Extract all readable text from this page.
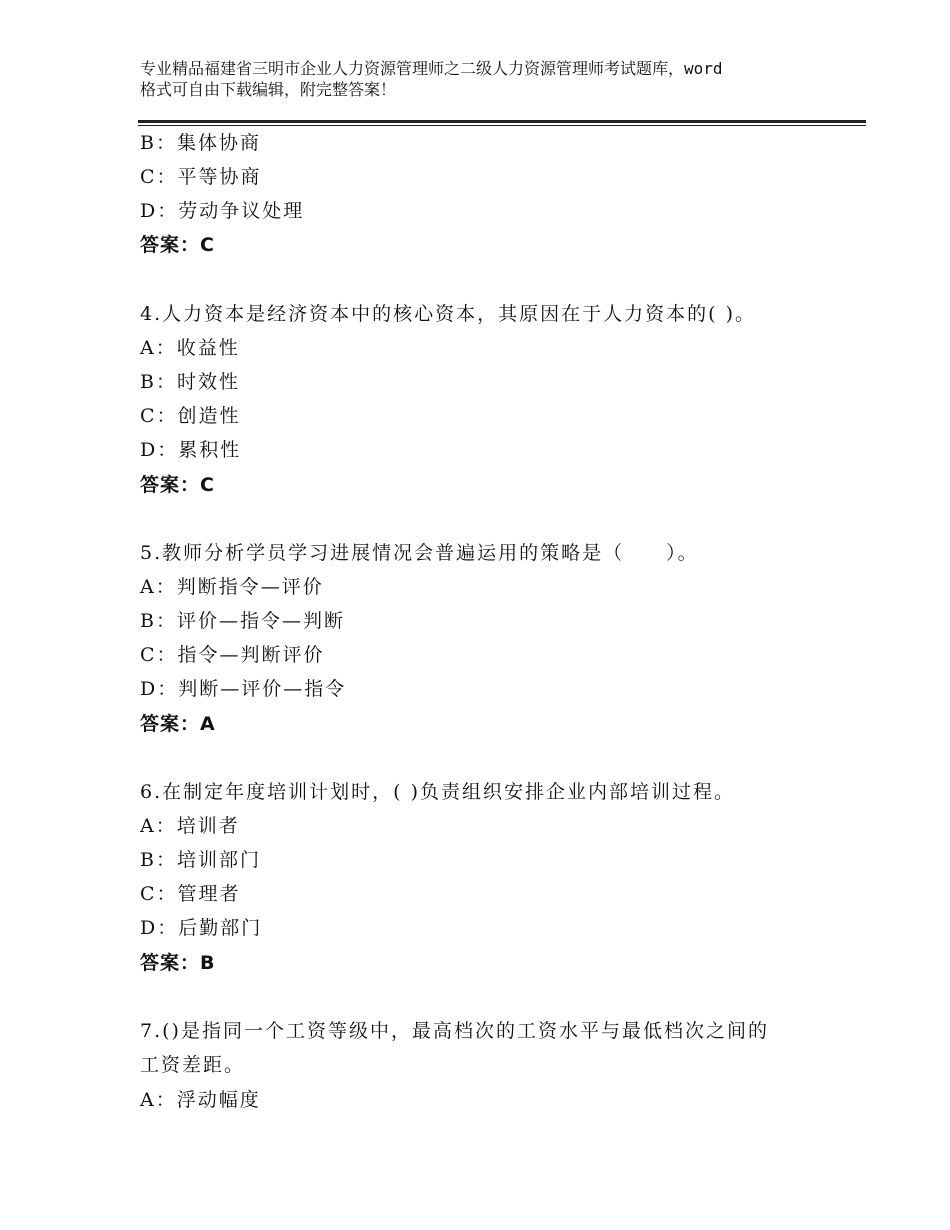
专业精品福建省三明市企业人力资源管理师之二级人力资源管理师考试题库，word
格式可自由下载编辑，附完整答案！
B：集体协商
C：平等协商
D：劳动争议处理
答案：C
4.人力资本是经济资本中的核心资本，其原因在于人力资本的( )。
A：收益性
B：时效性
C：创造性
D：累积性
答案：C
5.教师分析学员学习进展情况会普遍运用的策略是（　　）。
A：判断指令—评价
B：评价—指令—判断
C：指令—判断评价
D：判断—评价—指令
答案：A
6.在制定年度培训计划时，( )负责组织安排企业内部培训过程。
A：培训者
B：培训部门
C：管理者
D：后勤部门
答案：B
7.()是指同一个工资等级中，最高档次的工资水平与最低档次之间的
工资差距。
A：浮动幅度
